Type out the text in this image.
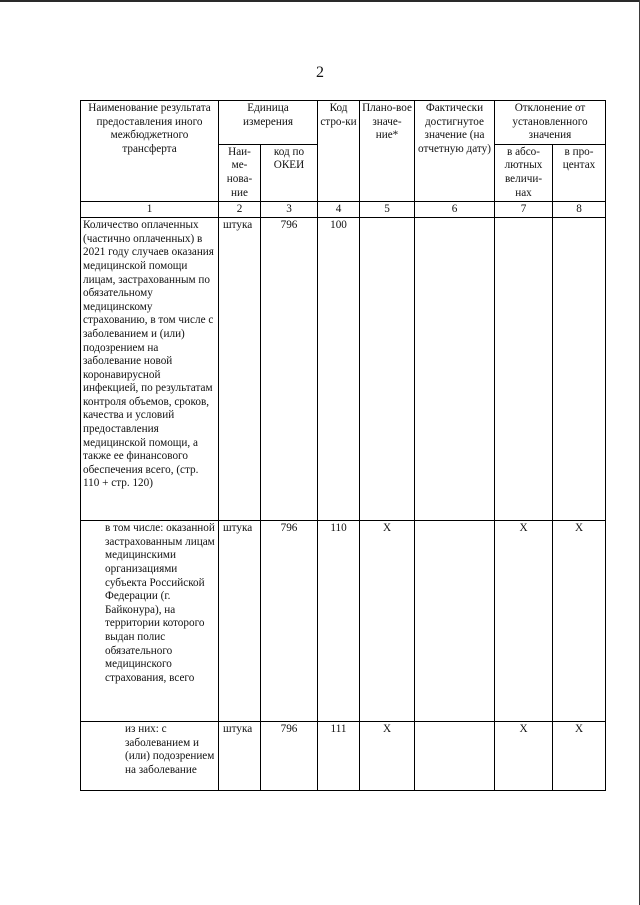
2
Наименование результата предоставления иного межбюджетного трансферта	Единица измерения		Код стро-ки	Плано-вое значе-ние*	Фактически достигнутое значение (на отчетную дату)	Отклонение от установленного значения	
	Наи-ме-нова-ние	код по ОКЕИ				в абсо-лютных величи-нах	в про-центах
1	2	3	4	5	6	7	8
Количество оплаченных (частично оплаченных) в 2021 году случаев оказания медицинской помощи лицам, застрахованным по обязательному медицинскому страхованию, в том числе с заболеванием и (или) подозрением на заболевание новой коронавирусной инфекцией, по результатам контроля объемов, сроков, качества и условий предоставления медицинской помощи, а также ее финансового обеспечения всего, (стр. 110 + стр. 120)	штука	796	100				
в том числе: оказанной застрахованным лицам медицинскими организациями субъекта Российской Федерации (г. Байконура), на территории которого выдан полис обязательного медицинского страхования, всего	штука	796	110	X		X	X
из них: с заболеванием и (или) подозрением на заболевание	штука	796	111	X		X	X
